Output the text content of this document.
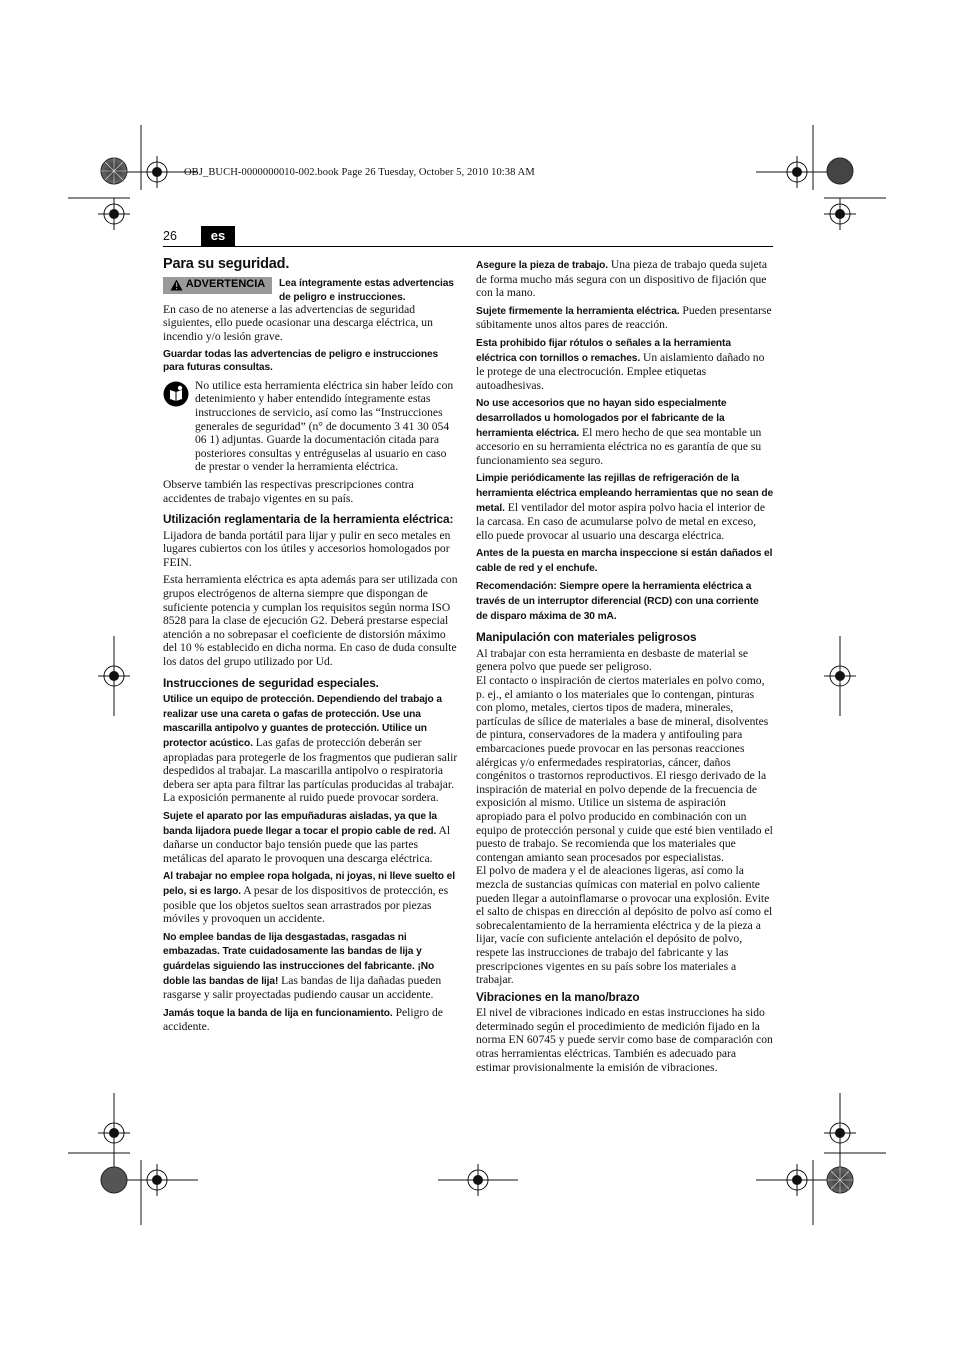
OBJ_BUCH-0000000010-002.book Page 26 Tuesday, October 5, 2010 10:38 AM
26	es
Para su seguridad.
ADVERTENCIA Lea íntegramente estas advertencias de peligro e instrucciones.

En caso de no atenerse a las advertencias de seguridad siguientes, ello puede ocasionar una descarga eléctrica, un incendio y/o lesión grave.

Guardar todas las advertencias de peligro e instrucciones para futuras consultas.

No utilice esta herramienta eléctrica sin haber leído con detenimiento y haber entendido íntegramente estas instrucciones de servicio, así como las “Instrucciones generales de seguridad” (n° de documento 3 41 30 054 06 1) adjuntas. Guarde la documentación citada para posteriores consultas y entréguselas al usuario en caso de prestar o vender la herramienta eléctrica.

Observe también las respectivas prescripciones contra accidentes de trabajo vigentes en su país.

Utilización reglamentaria de la herramienta eléctrica:

Lijadora de banda portátil para lijar y pulir en seco metales en lugares cubiertos con los útiles y accesorios homologados por FEIN.

Esta herramienta eléctrica es apta además para ser utilizada con grupos electrógenos de alterna siempre que dispongan de suficiente potencia y cumplan los requisitos según norma ISO 8528 para la clase de ejecución G2. Deberá prestarse especial atención a no sobrepasar el coeficiente de distorsión máximo del 10 % establecido en dicha norma. En caso de duda consulte los datos del grupo utilizado por Ud.

Instrucciones de seguridad especiales.

Utilice un equipo de protección. Dependiendo del trabajo a realizar use una careta o gafas de protección. Use una mascarilla antipolvo y guantes de protección. Utilice un protector acústico. Las gafas de protección deberán ser apropiadas para protegerle de los fragmentos que pudieran salir despedidos al trabajar. La mascarilla antipolvo o respiratoria debera ser apta para filtrar las partículas producidas al trabajar. La exposición permanente al ruido puede provocar sordera.

Sujete el aparato por las empuñaduras aisladas, ya que la banda lijadora puede llegar a tocar el propio cable de red. Al dañarse un conductor bajo tensión puede que las partes metálicas del aparato le provoquen una descarga eléctrica.

Al trabajar no emplee ropa holgada, ni joyas, ni lleve suelto el pelo, si es largo. A pesar de los dispositivos de protección, es posible que los objetos sueltos sean arrastrados por piezas móviles y provoquen un accidente.

No emplee bandas de lija desgastadas, rasgadas ni embazadas. Trate cuidadosamente las bandas de lija y guárdelas siguiendo las instrucciones del fabricante. ¡No doble las bandas de lija! Las bandas de lija dañadas pueden rasgarse y salir proyectadas pudiendo causar un accidente.

Jamás toque la banda de lija en funcionamiento. Peligro de accidente.

Asegure la pieza de trabajo. Una pieza de trabajo queda sujeta de forma mucho más segura con un dispositivo de fijación que con la mano.

Sujete firmemente la herramienta eléctrica. Pueden presentarse súbitamente unos altos pares de reacción.

Esta prohibido fijar rótulos o señales a la herramienta eléctrica con tornillos o remaches. Un aislamiento dañado no le protege de una electrocución. Emplee etiquetas autoadhesivas.

No use accesorios que no hayan sido especialmente desarrollados u homologados por el fabricante de la herramienta eléctrica. El mero hecho de que sea montable un accesorio en su herramienta eléctrica no es garantía de que su funcionamiento sea seguro.

Limpie periódicamente las rejillas de refrigeración de la herramienta eléctrica empleando herramientas que no sean de metal. El ventilador del motor aspira polvo hacia el interior de la carcasa. En caso de acumularse polvo de metal en exceso, ello puede provocar al usuario una descarga eléctrica.

Antes de la puesta en marcha inspeccione si están dañados el cable de red y el enchufe.

Recomendación: Siempre opere la herramienta eléctrica a través de un interruptor diferencial (RCD) con una corriente de disparo máxima de 30 mA.

Manipulación con materiales peligrosos

Al trabajar con esta herramienta en desbaste de material se genera polvo que puede ser peligroso.

El contacto o inspiración de ciertos materiales en polvo como, p. ej., el amianto o los materiales que lo contengan, pinturas con plomo, metales, ciertos tipos de madera, minerales, partículas de sílice de materiales a base de mineral, disolventes de pintura, conservadores de la madera y antifouling para embarcaciones puede provocar en las personas reacciones alérgicas y/o enfermedades respiratorias, cáncer, daños congénitos o trastornos reproductivos. El riesgo derivado de la inspiración de material en polvo depende de la frecuencia de exposición al mismo. Utilice un sistema de aspiración apropiado para el polvo producido en combinación con un equipo de protección personal y cuide que esté bien ventilado el puesto de trabajo. Se recomienda que los materiales que contengan amianto sean procesados por especialistas.

El polvo de madera y el de aleaciones ligeras, así como la mezcla de sustancias químicas con material en polvo caliente pueden llegar a autoinflamarse o provocar una explosión. Evite el salto de chispas en dirección al depósito de polvo así como el sobrecalentamiento de la herramienta eléctrica y de la pieza a lijar, vacíe con suficiente antelación el depósito de polvo, respete las instrucciones de trabajo del fabricante y las prescripciones vigentes en su país sobre los materiales a trabajar.

Vibraciones en la mano/brazo

El nivel de vibraciones indicado en estas instrucciones ha sido determinado según el procedimiento de medición fijado en la norma EN 60745 y puede servir como base de comparación con otras herramientas eléctricas. También es adecuado para estimar provisionalmente la emisión de vibraciones.
